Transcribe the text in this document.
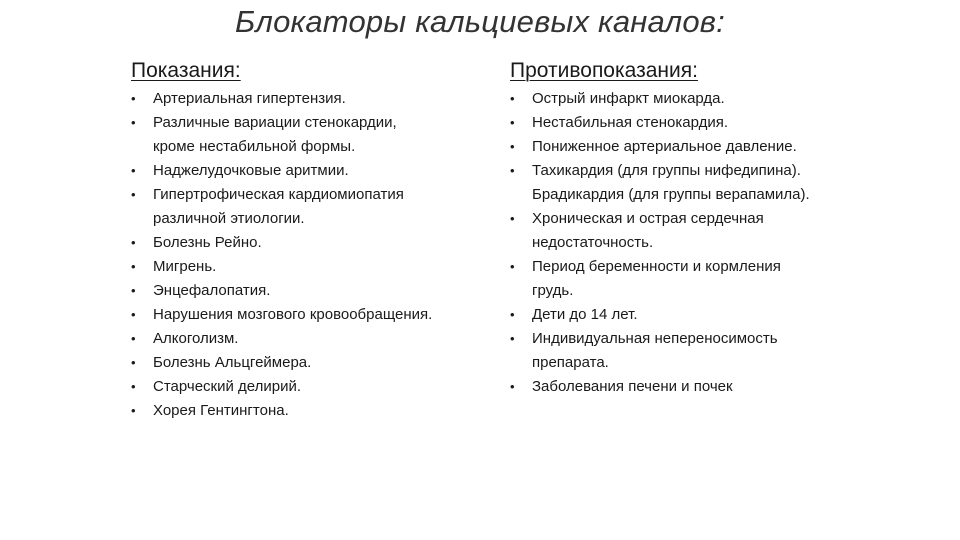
Блокаторы кальциевых каналов:
Показания:
•	Артериальная гипертензия.
•	Различные вариации стенокардии,
кроме нестабильной формы.
•	Наджелудочковые аритмии.
•	Гипертрофическая кардиомиопатия
различной этиологии.
•	Болезнь Рейно.
•	Мигрень.
•	Энцефалопатия.
•	Нарушения мозгового кровообращения.
•	Алкоголизм.
•	Болезнь Альцгеймера.
•	Старческий делирий.
•	Хорея Гентингтона.
Противопоказания:
•	Острый инфаркт миокарда.
•	Нестабильная стенокардия.
•	Пониженное артериальное давление.
•	Тахикардия (для группы нифедипина).
Брадикардия (для группы верапамила).
•	Хроническая и острая сердечная
недостаточность.
•	Период беременности и кормления
грудь.
•	Дети до 14 лет.
•	Индивидуальная непереносимость
препарата.
•	Заболевания печени и почек
